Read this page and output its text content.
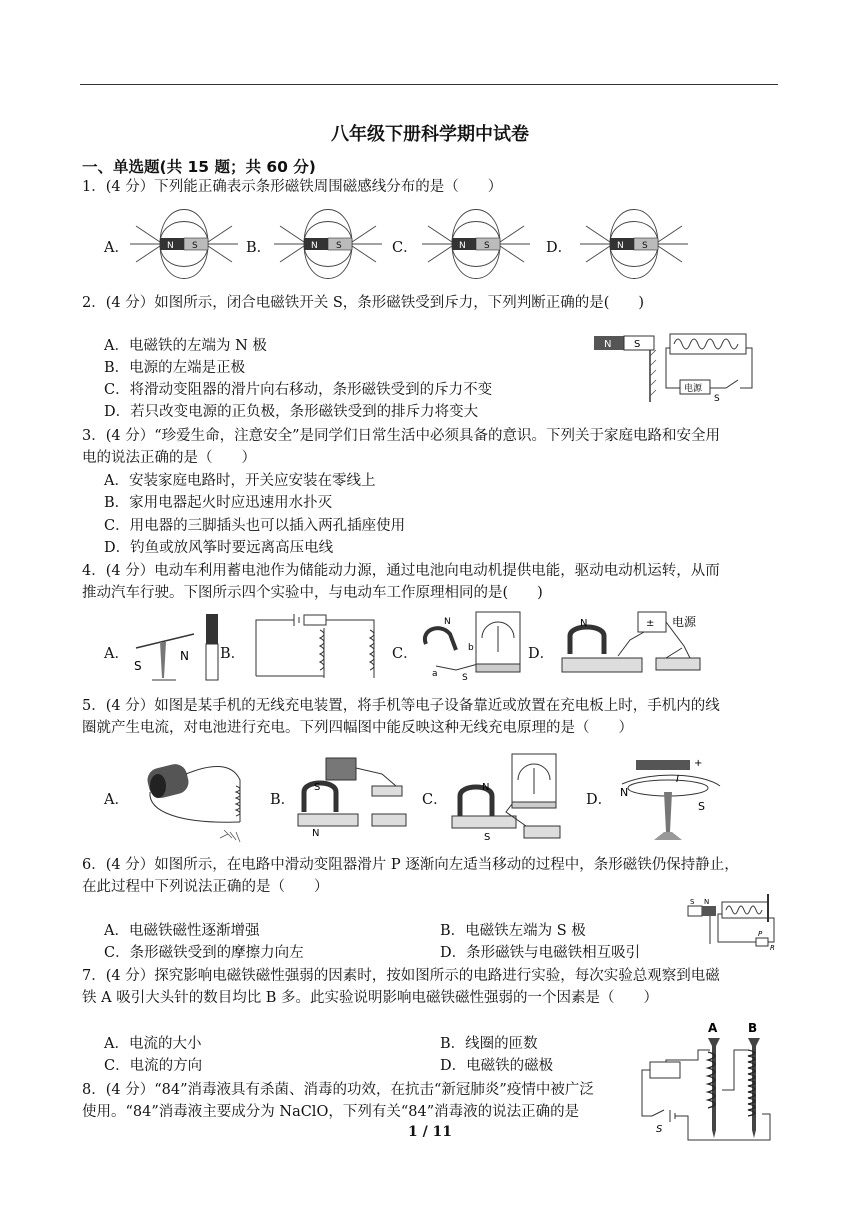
八年级下册科学期中试卷
一、单选题(共 15 题；共 60 分)
1．(4 分）下列能正确表示条形磁铁周围磁感线分布的是（　　）
A．	B．	C．	D．
N S	N S	N S	N S
2．(4 分）如图所示，闭合电磁铁开关 S，条形磁铁受到斥力，下列判断正确的是(　　)
A．电磁铁的左端为 N 极
B．电源的左端是正极
C．将滑动变阻器的滑片向右移动，条形磁铁受到的斥力不变
D．若只改变电源的正负极，条形磁铁受到的排斥力将变大
N S
电源
S
3．(4 分）“珍爱生命，注意安全”是同学们日常生活中必须具备的意识。下列关于家庭电路和安全用
电的说法正确的是（　　）
A．安装家庭电路时，开关应安装在零线上
B．家用电器起火时应迅速用水扑灭
C．用电器的三脚插头也可以插入两孔插座使用
D．钓鱼或放风筝时要远离高压电线
4．(4 分）电动车利用蓄电池作为储能动力源，通过电池向电动机提供电能，驱动电动机运转，从而
推动汽车行驶。下图所示四个实验中，与电动车工作原理相同的是(　　)
A．	B．	C．	D．
S
N
N
b
a	S
± 电源
N
5．(4 分）如图是某手机的无线充电装置，将手机等电子设备靠近或放置在充电板上时，手机内的线
圈就产生电流，对电池进行充电。下列四幅图中能反映这种无线充电原理的是（　　）
A．	B．	C．	D．
S
N
N
S
+
I
N
S
6．(4 分）如图所示，在电路中滑动变阻器滑片 P 逐渐向左适当移动的过程中，条形磁铁仍保持静止，
在此过程中下列说法正确的是（　　）
A．电磁铁磁性逐渐增强	B．电磁铁左端为 S 极
C．条形磁铁受到的摩擦力向左	D．条形磁铁与电磁铁相互吸引
S N
P
R
7．(4 分）探究影响电磁铁磁性强弱的因素时，按如图所示的电路进行实验，每次实验总观察到电磁
铁 A 吸引大头针的数目均比 B 多。此实验说明影响电磁铁磁性强弱的一个因素是（　　）
A．电流的大小	B．线圈的匝数
C．电流的方向	D．电磁铁的磁极
A	B
S
8．(4 分）“84”消毒液具有杀菌、消毒的功效，在抗击“新冠肺炎”疫情中被广泛
使用。“84”消毒液主要成分为 NaClO，下列有关“84”消毒液的说法正确的是
1 / 11
